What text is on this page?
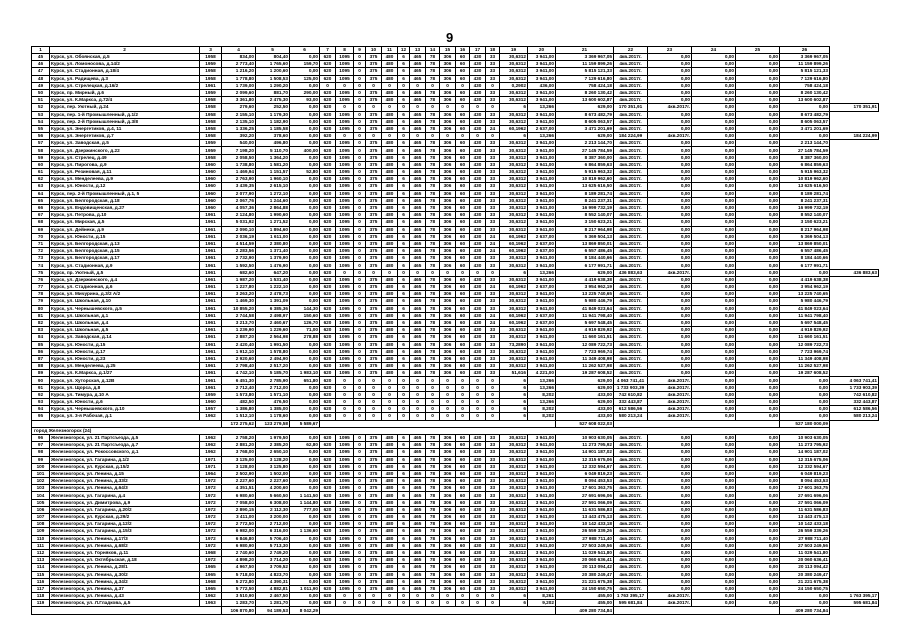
9
1	2	3	4	5	6	7	8	9	10	11	12	13	14	15	16	17	18	19	20	21	22	23	24	25	26	
45	Курск, ул. Обоянская, д.5	1958	834,00	804,40	0,00	620	1095	0	375	480	6	465	78	306	60	430	33	30,6312	3 941,00	3 369 967,05	4кв.2017г.	0,00	0,00	0,00	3 369 967,05	
46	Курск, ул. Ломоносова, д.14/2	1959	2 773,40	1 765,60	159,70	620	1095	0	375	480	6	465	78	306	60	430	33	30,6312	3 941,00	11 159 899,26	4кв.2017г.	0,00	0,00	0,00	11 159 899,26	
47	Курск, ул. Стадионная, д.18/4	1958	1 216,20	1 200,60	0,00	620	1095	0	375	480	6	465	78	306	60	430	33	30,6312	3 941,00	5 815 121,33	4кв.2017г.	0,00	0,00	0,00	5 815 121,33	
48	Курск, ул. Радищева, д.3	1958	1 778,80	1 508,53	125,00	620	1095	0	375	480	6	465	78	306	60	430	33	30,6312	3 941,00	7 129 616,80	4кв.2017г.	0,00	0,00	0,00	7 129 616,80	
49	Курск, ул. Стрелецкая, д.16/2	1961	1 739,00	1 290,20	0,00	0	0	0	0	0	0	0	0	0	0	430	0	0,2902	436,00	758 424,18	4кв.2017г.	0,00	0,00	0,00	758 424,18	
50	Курск, пр. Мирный, д.6	1959	2 099,60	881,70	290,00	620	1095	0	375	480	6	465	78	306	60	430	33	30,6312	3 941,00	8 260 130,42	4кв.2017г.	0,00	0,00	0,00	8 260 130,42	
51	Курск, ул. К.Маркса, д.72/4	1958	3 361,80	2 475,30	93,00	620	1095	0	375	480	6	465	78	306	60	430	33	30,6312	3 941,00	13 600 602,87	4кв.2017г.	0,00	0,00	0,00	13 600 602,87	
52	Курск, пер. Уютный, д.24	1958	279,60	252,50	0,00	620	0	0	0	0	0	0	0	0	0	0	0	6	13,266	629,00	170 351,91	4кв.2017г.	0,00	0,00	0,00	170 351,91
53	Курск, пер. 1-й Промышленный, д.1/2	1958	2 155,10	1 179,30	0,00	620	1095	0	375	480	6	465	78	306	60	430	33	30,6312	3 941,00	8 673 482,79	4кв.2017г.	0,00	0,00	0,00	8 673 482,79	
54	Курск, пер. 2-й Промышленный, д.3/8	1958	2 135,10	1 182,90	0,00	620	1095	0	375	480	6	465	78	306	60	430	33	30,6312	3 941,00	8 605 063,57	4кв.2017г.	0,00	0,00	0,00	8 605 063,57	
55	Курск, ул. Энергетиков, д.4, 11	1958	1 336,25	1 185,58	0,00	620	1095	0	375	480	6	465	78	306	60	430	24	60,1962	2 637,00	3 471 201,69	4кв.2017г.	0,00	0,00	0,00	3 471 201,69	
56	Курск, ул. Энергетиков, д.7	1958	392,20	378,60	0,00	620	0	0	0	0	0	0	0	0	0	0	0	6	13,266	629,00	184 224,99	4кв.2017г.	0,00	0,00	0,00	184 224,99
57	Курск, ул. Заводская, д.5	1959	540,00	496,80	0,00	620	1095	0	375	480	6	465	78	306	60	430	33	30,6312	3 941,00	2 213 144,70	4кв.2017г.	0,00	0,00	0,00	2 213 144,70	
58	Курск, ул. Дзержинского, д.22	1959	7 198,20	5 110,70	400,00	620	1095	0	375	480	6	465	78	306	60	430	33	30,6312	3 941,00	27 145 784,59	4кв.2017г.	0,00	0,00	0,00	27 145 784,59	
59	Курск, ул. Стрелец, д.49	1958	2 058,50	1 364,20	0,00	620	1095	0	375	480	6	465	78	306	60	430	33	30,6312	3 941,00	8 387 360,00	4кв.2017г.	0,00	0,00	0,00	8 387 360,00	
60	Курск, ул. Пирогова, д.9	1960	1 738,80	1 581,20	0,00	620	1095	0	375	480	6	465	78	306	60	430	33	30,6312	3 941,00	6 864 859,63	4кв.2017г.	0,00	0,00	0,00	6 864 859,63	
61	Курск, ул. Резиновая, д.11	1960	1 469,94	1 151,57	52,80	620	1095	0	375	480	6	465	78	306	60	430	33	30,6312	3 941,00	5 915 963,32	4кв.2017г.	0,00	0,00	0,00	5 915 963,32	
62	Курск, ул. Менделеева, д.9	1960	2 763,90	1 960,10	0,00	620	1095	0	375	480	6	465	78	306	60	430	33	30,6312	3 941,00	10 819 962,60	4кв.2017г.	0,00	0,00	0,00	10 819 962,60	
63	Курск, ул. Юности, д.12	1960	3 439,35	2 615,10	0,00	620	1095	0	375	480	6	465	78	306	60	430	33	30,6312	3 941,00	13 625 616,50	4кв.2017г.	0,00	0,00	0,00	13 625 616,50	
64	Курск, пер. 2-й Промышленный, д.1, 5	1960	2 077,90	1 272,10	0,00	620	1095	0	375	480	6	465	78	306	60	430	33	30,6312	3 941,00	8 189 281,74	4кв.2017г.	0,00	0,00	0,00	8 189 281,74	
65	Курск, ул. Белгородская, д.18	1960	2 067,76	1 244,60	0,00	620	1095	0	375	480	6	465	78	306	60	430	33	30,6312	3 941,00	8 241 237,31	4кв.2017г.	0,00	0,00	0,00	8 241 237,31	
66	Курск, ул. Ендовищенская, д.27	1960	4 057,36	2 864,88	0,00	620	1095	0	375	480	6	465	78	306	60	430	33	30,6312	3 941,00	16 999 732,19	4кв.2017г.	0,00	0,00	0,00	16 999 732,19	
67	Курск, ул. Петрова, д.10	1961	2 124,80	1 990,60	0,00	620	1095	0	375	480	6	465	78	306	60	430	33	30,6312	3 941,00	8 552 140,07	4кв.2017г.	0,00	0,00	0,00	8 552 140,07	
68	Курск, ул. Мирская, д.5	1961	5 031,92	1 271,52	0,00	620	1095	0	375	480	6	465	78	306	60	430	33	30,6312	3 941,00	3 150 623,21	4кв.2017г.	0,00	0,00	0,00	3 150 623,21	
69	Курск, ул. Дейнеки, д.9	1961	2 090,10	1 894,60	0,00	620	1095	0	375	480	6	465	78	306	60	430	33	30,6312	3 941,00	8 217 964,98	4кв.2017г.	0,00	0,00	0,00	8 217 964,98	
70	Курск, ул. Юности, д.15	1961	2 036,19	1 611,00	0,00	620	1095	0	375	480	6	465	78	306	60	430	24	60,1962	2 637,00	5 369 504,13	4кв.2017г.	0,00	0,00	0,00	5 369 504,13	
71	Курск, ул. Белгородская, д.13	1961	4 514,59	2 380,80	0,00	620	1095	0	375	480	6	465	78	306	60	430	24	60,1962	2 637,00	13 869 850,01	4кв.2017г.	0,00	0,00	0,00	13 869 850,01	
72	Курск, ул. Белгородская, д.15	1961	2 283,56	1 371,40	0,00	620	1095	0	375	480	6	465	78	306	60	430	24	60,1962	2 637,00	6 557 486,45	4кв.2017г.	0,00	0,00	0,00	6 557 486,45	
73	Курск, ул. Белгородская, д.17	1961	2 732,90	1 379,90	0,00	620	1095	0	375	480	6	465	78	306	60	430	33	30,6312	3 941,00	8 184 440,66	4кв.2017г.	0,00	0,00	0,00	8 184 440,66	
74	Курск, ул. Стадионная, д.9	1961	1 592,50	1 476,90	0,00	620	1095	0	375	480	6	465	78	306	60	430	33	30,6312	3 941,00	6 177 991,71	4кв.2017г.	0,00	0,00	0,00	6 177 991,71	
75	Курск, пр. Уютный, д.5	1961	682,60	647,20	0,00	620	0	0	0	0	0	0	0	0	0	0	0	6	13,266	629,00	436 883,63	4кв.2017г.	0,00	0,00	0,00	436 883,63
76	Курск, ул. Дзержинского, д.4	1961	1 987,20	1 531,40	0,00	620	1095	0	375	480	6	465	78	306	60	430	33	30,6312	3 941,00	4 419 638,38	4кв.2017г.	0,00	0,00	0,00	4 419 638,38	
77	Курск, ул. Стадионная, д.6	1961	1 227,80	1 222,10	0,00	620	1095	0	375	480	6	465	78	306	60	430	24	60,1962	2 637,00	3 954 962,19	4кв.2017г.	0,00	0,00	0,00	3 954 962,19	
78	Курск, ул. Мичурина, д.3/2 А/2	1961	3 263,20	2 478,73	0,00	620	1095	0	375	480	6	465	78	306	60	430	33	30,6312	3 941,00	13 225 740,65	4кв.2017г.	0,00	0,00	0,00	13 225 740,65	
79	Курск, ул. Школьная, д.10	1961	1 469,30	1 391,09	0,00	620	1095	0	375	480	6	465	78	306	60	430	33	30,6312	3 941,00	5 980 446,79	4кв.2017г.	0,00	0,00	0,00	5 980 446,79	
80	Курск, ул. Чернышевского, д.5	1961	10 855,20	6 385,36	144,30	620	1095	0	375	480	6	465	78	306	60	430	33	30,6312	3 941,00	41 849 023,64	4кв.2017г.	0,00	0,00	0,00	41 849 023,64	
81	Курск, ул. Школьная, д.1	1961	2 744,58	2 498,97	150,60	620	1095	0	375	480	6	465	78	306	60	430	24	60,1962	2 637,00	11 941 798,40	4кв.2017г.	0,00	0,00	0,00	11 941 798,40	
82	Курск, ул. Школьная, д.4	1961	3 213,70	2 460,67	126,70	620	1095	0	375	480	6	465	78	306	60	430	24	60,1962	2 637,00	5 697 548,45	4кв.2017г.	0,00	0,00	0,00	5 697 548,45	
83	Курск, ул. Школьная, д.5	1961	1 239,90	1 229,60	71,00	620	1095	0	375	480	6	465	78	306	60	430	33	30,6312	3 941,00	4 919 829,92	4кв.2017г.	0,00	0,00	0,00	4 919 829,92	
84	Курск, ул. Заводская, д.14	1961	2 887,20	2 564,98	278,88	620	1095	0	375	480	6	465	78	306	60	430	33	30,6312	3 941,00	11 660 161,51	4кв.2017г.	0,00	0,00	0,00	11 660 161,51	
85	Курск, ул. Юности, д.15	1961	2 420,40	1 991,50	0,00	620	1095	0	375	480	6	465	78	306	60	430	33	73,2890	3 941,00	12 089 722,73	4кв.2017г.	0,00	0,00	0,00	12 089 722,73	
86	Курск, ул. Юности, д.17	1961	1 912,10	1 578,80	0,00	620	1095	0	375	480	6	465	78	306	60	430	33	30,6312	3 941,00	7 723 969,74	4кв.2017г.	0,00	0,00	0,00	7 723 969,74	
87	Курск, ул. Юности, д.23	1961	2 920,60	2 494,90	0,00	620	1095	0	375	480	6	465	78	306	60	430	33	30,6312	3 941,00	11 349 408,98	4кв.2017г.	0,00	0,00	0,00	11 349 408,98	
88	Курск, ул. Менделеева, д.25	1961	2 798,40	2 517,20	0,00	620	1095	0	375	480	6	465	78	306	60	430	33	30,6312	3 941,00	11 262 527,98	4кв.2017г.	0,00	0,00	0,00	11 262 527,98	
89	Курск, ул. К.Маркса, д.1/27	1961	4 742,10	5 185,70	1 983,10	620	1095	0	375	480	6	465	78	306	60	430	33	51,616	4 221,00	19 287 608,52	4кв.2017г.	0,00	0,00	0,00	19 287 608,52	
90	Курск, ул. Хуторская, д.12В	1961	6 451,30	2 785,90	651,80	620	0	0	0	0	0	0	0	0	0	0	0	6	13,266	629,00	4 063 741,41	4кв.2017г.	0,00	0,00	0,00	4 063 741,41
91	Курск, ул. Щорса, д.8	1961	2 712,40	2 712,00	0,00	620	0	0	0	0	0	0	0	0	0	0	0	6	13,266	629,00	1 733 903,39	4кв.2017г.	0,00	0,00	0,00	1 733 903,39
92	Курск, ул. Тимура, д.10 А	1959	1 573,80	1 571,10	0,00	620	0	0	0	0	0	0	0	0	0	0	0	6	8,202	433,00	742 610,82	4кв.2017г.	0,00	0,00	0,00	742 610,82
93	Курск, ул. Юности, д.6	1960	482,50	476,50	0,00	620	0	0	0	0	0	0	0	0	0	0	0	6	13,266	629,00	332 443,87	4кв.2017г.	0,00	0,00	0,00	332 443,87
94	Курск, ул. Чернышевского, д.10	1957	1 386,80	1 385,00	0,00	620	0	0	0	0	0	0	0	0	0	0	0	6	8,202	433,00	612 586,56	4кв.2017г.	0,00	0,00	0,00	612 586,56
95	Курск, ул. 3-я Рабочая, д.1	1962	1 512,10	1 178,60	0,00	620	0	0	0	0	0	0	0	0	0	0	0	6	8,202	433,00	580 213,24	4кв.2017г.	0,00	0,00	0,00	580 213,24
			172 275,62	123 279,58	5 589,67															527 608 022,03					527 180 000,09	
город Железногорск (24)																										
96	Железногорск, ул. 21 Партсъезда, д.5	1962	2 758,20	1 979,50	0,00	620	1095	0	375	480	6	465	78	306	60	430	33	30,6312	3 941,00	10 903 630,05	4кв.2017г.	0,00	0,00	0,00	10 903 630,05	
97	Железногорск, ул. 21 Партсъезда, д.7	1962	2 881,20	2 385,20	62,80	620	1095	0	375	480	6	465	78	306	60	430	33	30,6312	3 941,00	11 273 795,92	4кв.2017г.	0,00	0,00	0,00	11 273 795,92	
98	Железногорск, ул. Рокоссовского, д.1	1962	3 768,00	2 650,10	0,00	620	1095	0	375	480	6	465	78	306	60	430	33	30,6312	3 941,00	14 901 187,02	4кв.2017г.	0,00	0,00	0,00	14 901 187,02	
99	Железногорск, ул. Гагарина, д.1/2	1971	3 125,00	3 128,20	0,00	620	1095	0	375	480	6	465	78	306	60	430	33	30,6312	3 941,00	12 315 675,06	4кв.2017г.	0,00	0,00	0,00	12 315 675,06	
100	Железногорск, ул. Курская, д.15/2	1971	3 128,00	3 125,80	0,00	620	1095	0	375	480	6	465	78	306	60	430	33	30,6312	3 941,00	12 332 594,67	4кв.2017г.	0,00	0,00	0,00	12 332 594,67	
101	Железногорск, ул. Ленина, д.15	1964	2 502,90	1 502,00	0,00	620	1095	0	375	480	6	465	78	306	60	430	33	30,6312	3 941,00	6 049 819,23	4кв.2017г.	0,00	0,00	0,00	6 049 819,23	
102	Железногорск, ул. Ленина, д.33/2	1972	2 227,60	2 227,60	0,00	620	1095	0	375	480	6	465	78	306	60	430	33	30,6312	3 941,00	8 094 453,53	4кв.2017г.	0,00	0,00	0,00	8 094 453,53	
103	Железногорск, ул. Ленина, д.64/3	1972	4 351,51	4 200,60	0,00	620	1095	0	375	480	6	465	78	306	60	430	33	30,6312	3 941,00	17 601 363,75	4кв.2017г.	0,00	0,00	0,00	17 601 363,75	
104	Железногорск, ул. Гагарина, д.4	1972	6 980,60	5 660,50	1 141,50	620	1095	0	375	480	6	465	78	306	60	430	33	30,6312	3 941,00	27 691 696,06	4кв.2017г.	0,00	0,00	0,00	27 691 696,06	
105	Железногорск, ул. Димитрова, д.9	1972	7 058,00	6 308,00	1 144,80	620	1095	0	375	480	6	465	78	306	60	430	33	30,6312	3 941,00	27 591 066,09	4кв.2017г.	0,00	0,00	0,00	27 591 066,09	
106	Железногорск, ул. Гагарина, д.20/2	1972	2 890,15	2 112,30	777,00	620	1095	0	375	480	6	465	78	306	60	430	33	30,6312	3 941,00	11 631 586,83	4кв.2017г.	0,00	0,00	0,00	11 631 586,83	
107	Железногорск, ул. Курская, д.29/2	1972	3 411,00	3 200,00	0,00	620	1095	0	375	480	6	465	78	306	60	430	33	30,6312	3 941,00	13 443 475,13	4кв.2017г.	0,00	0,00	0,00	13 443 475,13	
108	Железногорск, ул. Гагарина, д.12/2	1972	2 772,50	2 712,00	0,00	620	1095	0	375	480	6	465	78	306	60	430	33	30,6312	3 941,00	10 142 433,18	4кв.2017г.	0,00	0,00	0,00	10 142 433,18	
109	Железногорск, ул. Гагарина, д.15/3	1972	6 982,00	6 316,00	1 136,60	620	1095	0	375	480	6	465	78	306	60	430	33	30,6312	3 941,00	26 559 339,26	4кв.2017г.	0,00	0,00	0,00	26 559 339,26	
110	Железногорск, ул. Ленина, д.17/3	1972	6 846,80	5 706,40	0,00	620	1095	0	375	480	6	465	78	306	60	430	33	30,6312	3 941,00	27 988 711,40	4кв.2017г.	0,00	0,00	0,00	27 988 711,40	
111	Железногорск, ул. Ленина, д.68/2	1972	6 980,90	5 713,30	0,00	620	1095	0	375	480	6	465	78	306	60	430	33	30,6312	3 941,00	27 503 249,56	4кв.2017г.	0,00	0,00	0,00	27 503 249,56	
112	Железногорск, ул. Горняков, д.11	1968	2 740,60	2 749,20	0,00	620	1095	0	375	480	6	465	78	306	60	430	33	30,6312	3 941,00	11 029 541,80	4кв.2017г.	0,00	0,00	0,00	11 029 541,80	
113	Железногорск, ул. Октябрьская, д.18	1972	4 898,20	3 714,20	0,00	620	1095	0	375	480	6	465	78	306	60	430	33	30,6312	3 941,00	20 060 636,41	4кв.2017г.	0,00	0,00	0,00	20 060 636,41	
114	Железногорск, ул. Ленина, д.28/1	1965	4 967,50	3 709,52	0,00	620	1095	0	375	480	6	465	78	306	60	430	33	30,6312	3 941,00	20 113 094,42	4кв.2017г.	0,00	0,00	0,00	20 113 094,42	
115	Железногорск, ул. Ленина, д.30/2	1965	5 718,00	4 823,70	0,00	620	1095	0	375	480	6	465	78	306	60	430	33	30,6312	3 941,00	20 380 249,47	4кв.2017г.	0,00	0,00	0,00	20 380 249,47	
116	Железногорск, ул. Ленина, д.34/2	1968	5 272,80	4 390,31	0,00	620	1095	0	375	480	6	465	78	306	60	430	33	30,6312	3 941,00	21 221 675,38	4кв.2017г.	0,00	0,00	0,00	21 221 675,38	
117	Железногорск, ул. Ленина, д.37	1965	5 772,50	4 882,81	1 011,90	620	1095	0	375	480	6	465	78	306	60	430	33	30,6312	3 941,00	24 150 650,75	4кв.2017г.	0,00	0,00	0,00	24 150 650,75	
118	Железногорск, ул. Ленина, д.43	1962	3 510,90	2 467,50	0,00	620	0	0	0	0	0	0	0	0	0	0	0	6	8,261	455,00	1 763 395,17	4кв.2017г.	0,00	0,00	0,00	1 763 395,17
119	Железногорск, ул. Л.Гладкова, д.5	1963	1 283,70	1 281,70	0,00	620	0	0	0	0	0	0	0	0	0	0	0	6	9,202	455,00	595 681,84	4кв.2017г.	0,00	0,00	0,00	595 681,84
			106 870,80	94 189,53	8 042,29															409 280 734,84					409 280 734,84	
